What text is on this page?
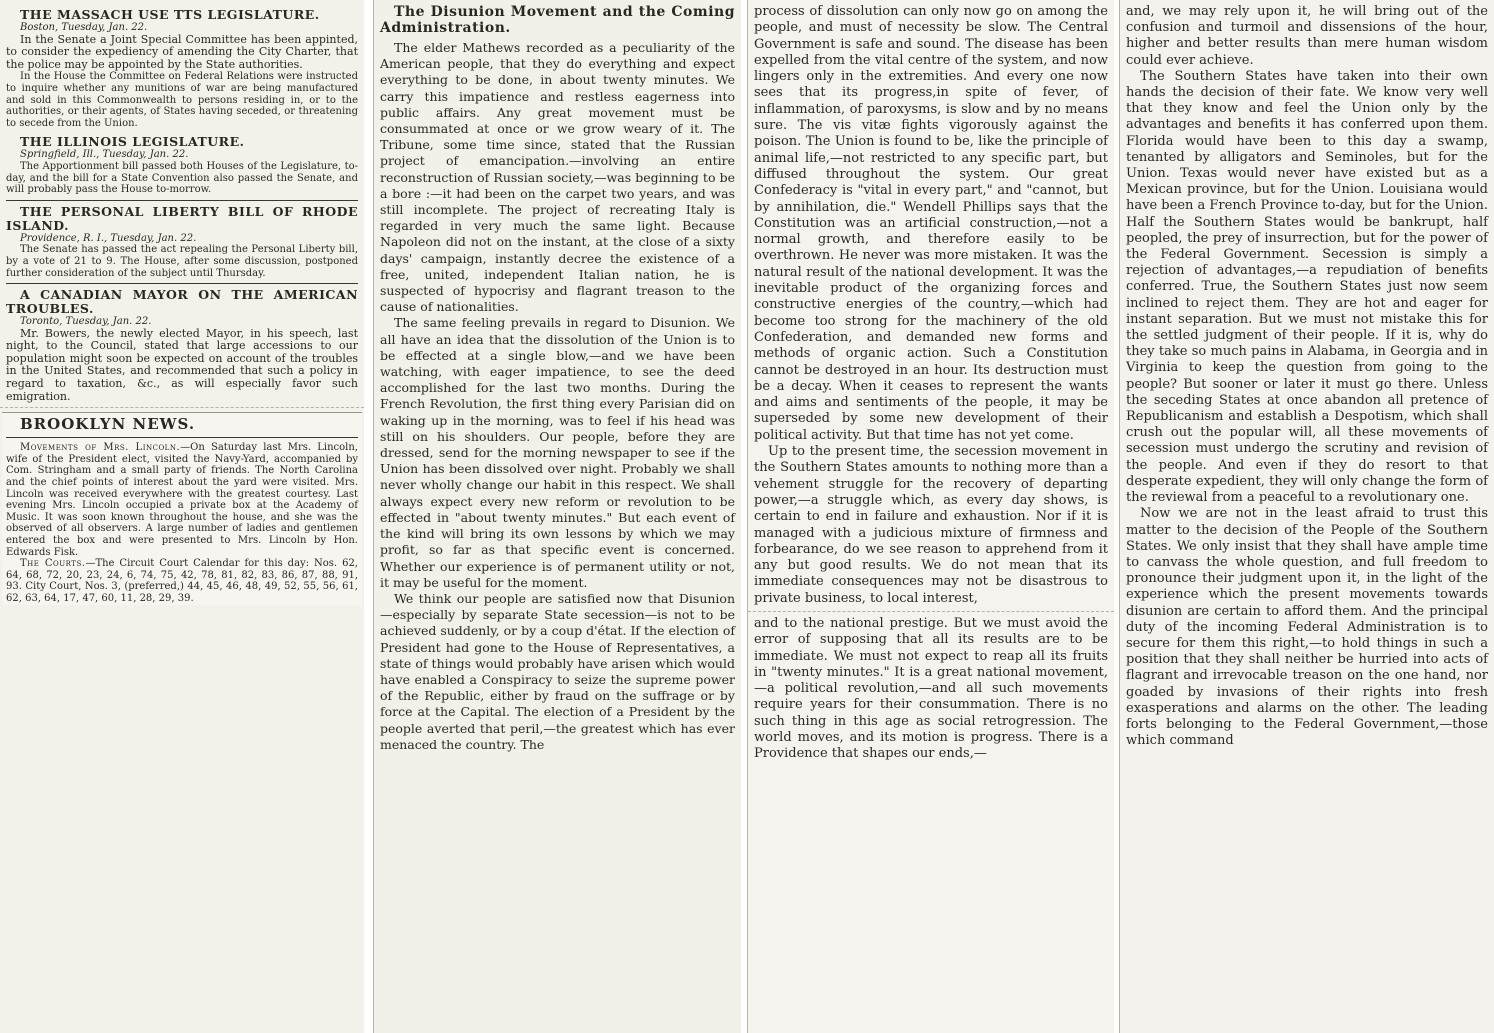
THE MASSACH USE TTS LEGISLATURE.

Boston, Tuesday, Jan. 22.

In the Senate a Joint Special Committee has been appinted, to consider the expediency of amending the City Charter, that the police may be appointed by the State authorities.

In the House the Committee on Federal Relations were instructed to inquire whether any munitions of war are being manufactured and sold in this Commonwealth to persons residing in, or to the authorities, or their agents, of States having seceded, or threatening to secede from the Union.

THE ILLINOIS LEGISLATURE.

Springfield, Ill., Tuesday, Jan. 22.

The Apportionment bill passed both Houses of the Legislature, to-day, and the bill for a State Convention also passed the Senate, and will probably pass the House to-morrow.

THE PERSONAL LIBERTY BILL OF RHODE ISLAND.

Providence, R. I., Tuesday, Jan. 22.

The Senate has passed the act repealing the Personal Liberty bill, by a vote of 21 to 9. The House, after some discussion, postponed further consideration of the subject until Thursday.

A CANADIAN MAYOR ON THE AMERICAN TROUBLES.

Toronto, Tuesday, Jan. 22.

Mr. Bowers, the newly elected Mayor, in his speech, last night, to the Council, stated that large accessions to our population might soon be expected on account of the troubles in the United States, and recommended that such a policy in regard to taxation, &c., as will especially favor such emigration.

BROOKLYN NEWS.

Movements of Mrs. Lincoln.—On Saturday last Mrs. Lincoln, wife of the President elect, visited the Navy-Yard, accompanied by Com. Stringham and a small party of friends. The North Carolina and the chief points of interest about the yard were visited. Mrs. Lincoln was received everywhere with the greatest courtesy. Last evening Mrs. Lincoln occupied a private box at the Academy of Music. It was soon known throughout the house, and she was the observed of all observers. A large number of ladies and gentlemen entered the box and were presented to Mrs. Lincoln by Hon. Edwards Fisk.

The Courts.—The Circuit Court Calendar for this day: Nos. 62, 64, 68, 72, 20, 23, 24, 6, 74, 75, 42, 78, 81, 82, 83, 86, 87, 88, 91, 93. City Court, Nos. 3, (preferred,) 44, 45, 46, 48, 49, 52, 55, 56, 61, 62, 63, 64, 17, 47, 60, 11, 28, 29, 39.

The Disunion Movement and the Coming Administration.

The elder Mathews recorded as a peculiarity of the American people, that they do everything and expect everything to be done, in about twenty minutes. We carry this impatience and restless eagerness into public affairs. Any great movement must be consummated at once or we grow weary of it. The Tribune, some time since, stated that the Russian project of emancipation.—involving an entire reconstruction of Russian society,—was beginning to be a bore :—it had been on the carpet two years, and was still incomplete. The project of recreating Italy is regarded in very much the same light. Because Napoleon did not on the instant, at the close of a sixty days' campaign, instantly decree the existence of a free, united, independent Italian nation, he is suspected of hypocrisy and flagrant treason to the cause of nationalities.

The same feeling prevails in regard to Disunion. We all have an idea that the dissolution of the Union is to be effected at a single blow,—and we have been watching, with eager impatience, to see the deed accomplished for the last two months. During the French Revolution, the first thing every Parisian did on waking up in the morning, was to feel if his head was still on his shoulders. Our people, before they are dressed, send for the morning newspaper to see if the Union has been dissolved over night. Probably we shall never wholly change our habit in this respect. We shall always expect every new reform or revolution to be effected in "about twenty minutes." But each event of the kind will bring its own lessons by which we may profit, so far as that specific event is concerned. Whether our experience is of permanent utility or not, it may be useful for the moment.

We think our people are satisfied now that Disunion—especially by separate State secession—is not to be achieved suddenly, or by a coup d'état. If the election of President had gone to the House of Representatives, a state of things would probably have arisen which would have enabled a Conspiracy to seize the supreme power of the Republic, either by fraud on the suffrage or by force at the Capital. The election of a President by the people averted that peril,—the greatest which has ever menaced the country. The

process of dissolution can only now go on among the people, and must of necessity be slow. The Central Government is safe and sound. The disease has been expelled from the vital centre of the system, and now lingers only in the extremities. And every one now sees that its progress,in spite of fever, of inflammation, of paroxysms, is slow and by no means sure. The vis vitæ fights vigorously against the poison. The Union is found to be, like the principle of animal life,—not restricted to any specific part, but diffused throughout the system. Our great Confederacy is "vital in every part," and "cannot, but by annihilation, die." Wendell Phillips says that the Constitution was an artificial construction,—not a normal growth, and therefore easily to be overthrown. He never was more mistaken. It was the natural result of the national development. It was the inevitable product of the organizing forces and constructive energies of the country,—which had become too strong for the machinery of the old Confederation, and demanded new forms and methods of organic action. Such a Constitution cannot be destroyed in an hour. Its destruction must be a decay. When it ceases to represent the wants and aims and sentiments of the people, it may be superseded by some new development of their political activity. But that time has not yet come.

Up to the present time, the secession movement in the Southern States amounts to nothing more than a vehement struggle for the recovery of departing power,—a struggle which, as every day shows, is certain to end in failure and exhaustion. Nor if it is managed with a judicious mixture of firmness and forbearance, do we see reason to apprehend from it any but good results. We do not mean that its immediate consequences may not be disastrous to private business, to local interest,

and to the national prestige. But we must avoid the error of supposing that all its results are to be immediate. We must not expect to reap all its fruits in "twenty minutes." It is a great national movement,—a political revolution,—and all such movements require years for their consummation. There is no such thing in this age as social retrogression. The world moves, and its motion is progress. There is a Providence that shapes our ends,—

and, we may rely upon it, he will bring out of the confusion and turmoil and dissensions of the hour, higher and better results than mere human wisdom could ever achieve.

The Southern States have taken into their own hands the decision of their fate. We know very well that they know and feel the Union only by the advantages and benefits it has conferred upon them. Florida would have been to this day a swamp, tenanted by alligators and Seminoles, but for the Union. Texas would never have existed but as a Mexican province, but for the Union. Louisiana would have been a French Province to-day, but for the Union. Half the Southern States would be bankrupt, half peopled, the prey of insurrection, but for the power of the Federal Government. Secession is simply a rejection of advantages,—a repudiation of benefits conferred. True, the Southern States just now seem inclined to reject them. They are hot and eager for instant separation. But we must not mistake this for the settled judgment of their people. If it is, why do they take so much pains in Alabama, in Georgia and in Virginia to keep the question from going to the people? But sooner or later it must go there. Unless the seceding States at once abandon all pretence of Republicanism and establish a Despotism, which shall crush out the popular will, all these movements of secession must undergo the scrutiny and revision of the people. And even if they do resort to that desperate expedient, they will only change the form of the reviewal from a peaceful to a revolutionary one.

Now we are not in the least afraid to trust this matter to the decision of the People of the Southern States. We only insist that they shall have ample time to canvass the whole question, and full freedom to pronounce their judgment upon it, in the light of the experience which the present movements towards disunion are certain to afford them. And the principal duty of the incoming Federal Administration is to secure for them this right,—to hold things in such a position that they shall neither be hurried into acts of flagrant and irrevocable treason on the one hand, nor goaded by invasions of their rights into fresh exasperations and alarms on the other. The leading forts belonging to the Federal Government,—those which command
